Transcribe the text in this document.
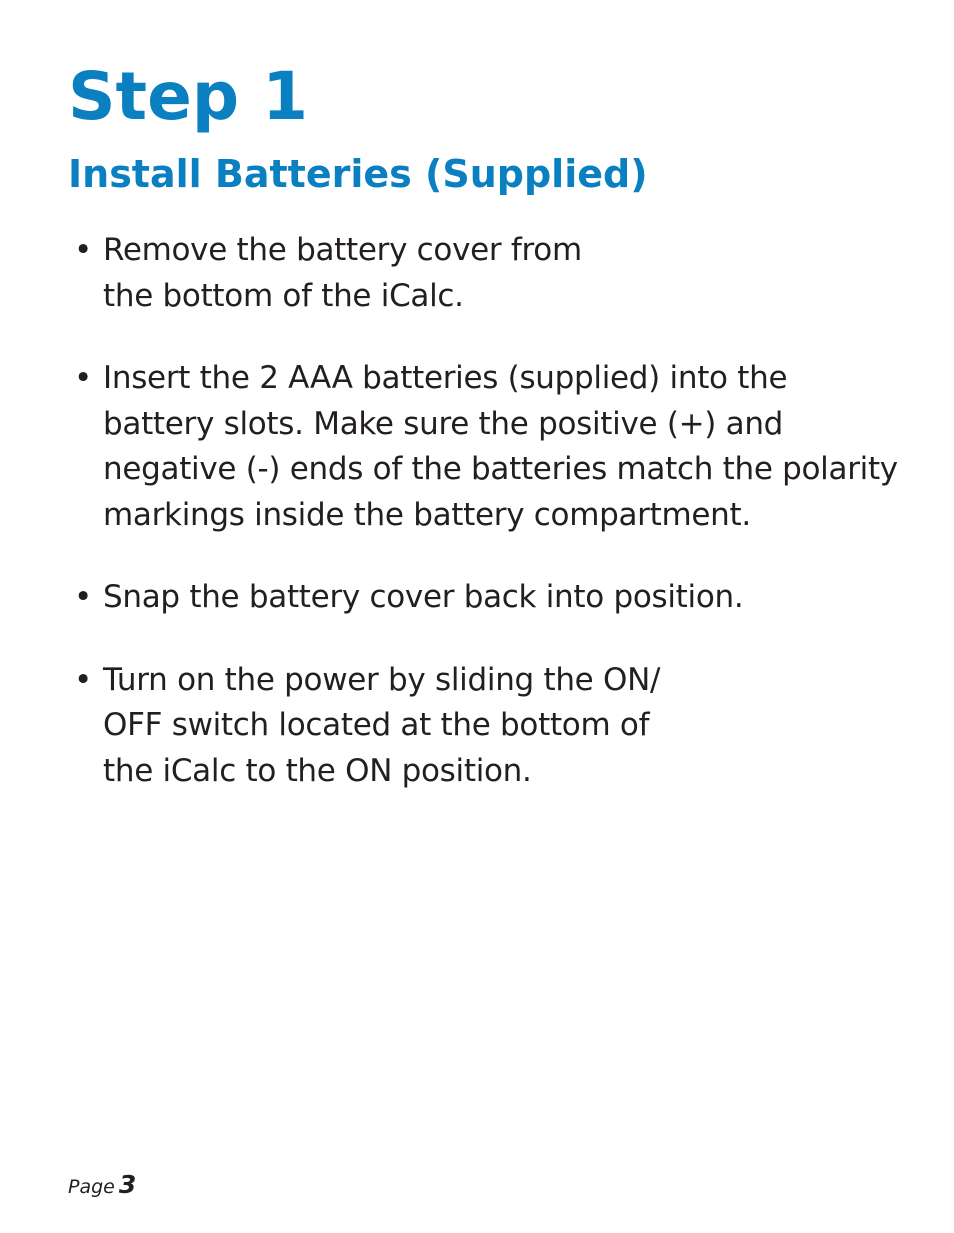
Step 1
Install Batteries (Supplied)
• Remove the battery cover from
the bottom of the iCalc.
• Insert the 2 AAA batteries (supplied) into the
battery slots. Make sure the positive (+) and
negative (-) ends of the batteries match the polarity
markings inside the battery compartment.
• Snap the battery cover back into position.
• Turn on the power by sliding the ON/
OFF switch located at the bottom of
the iCalc to the ON position.
Page 3
